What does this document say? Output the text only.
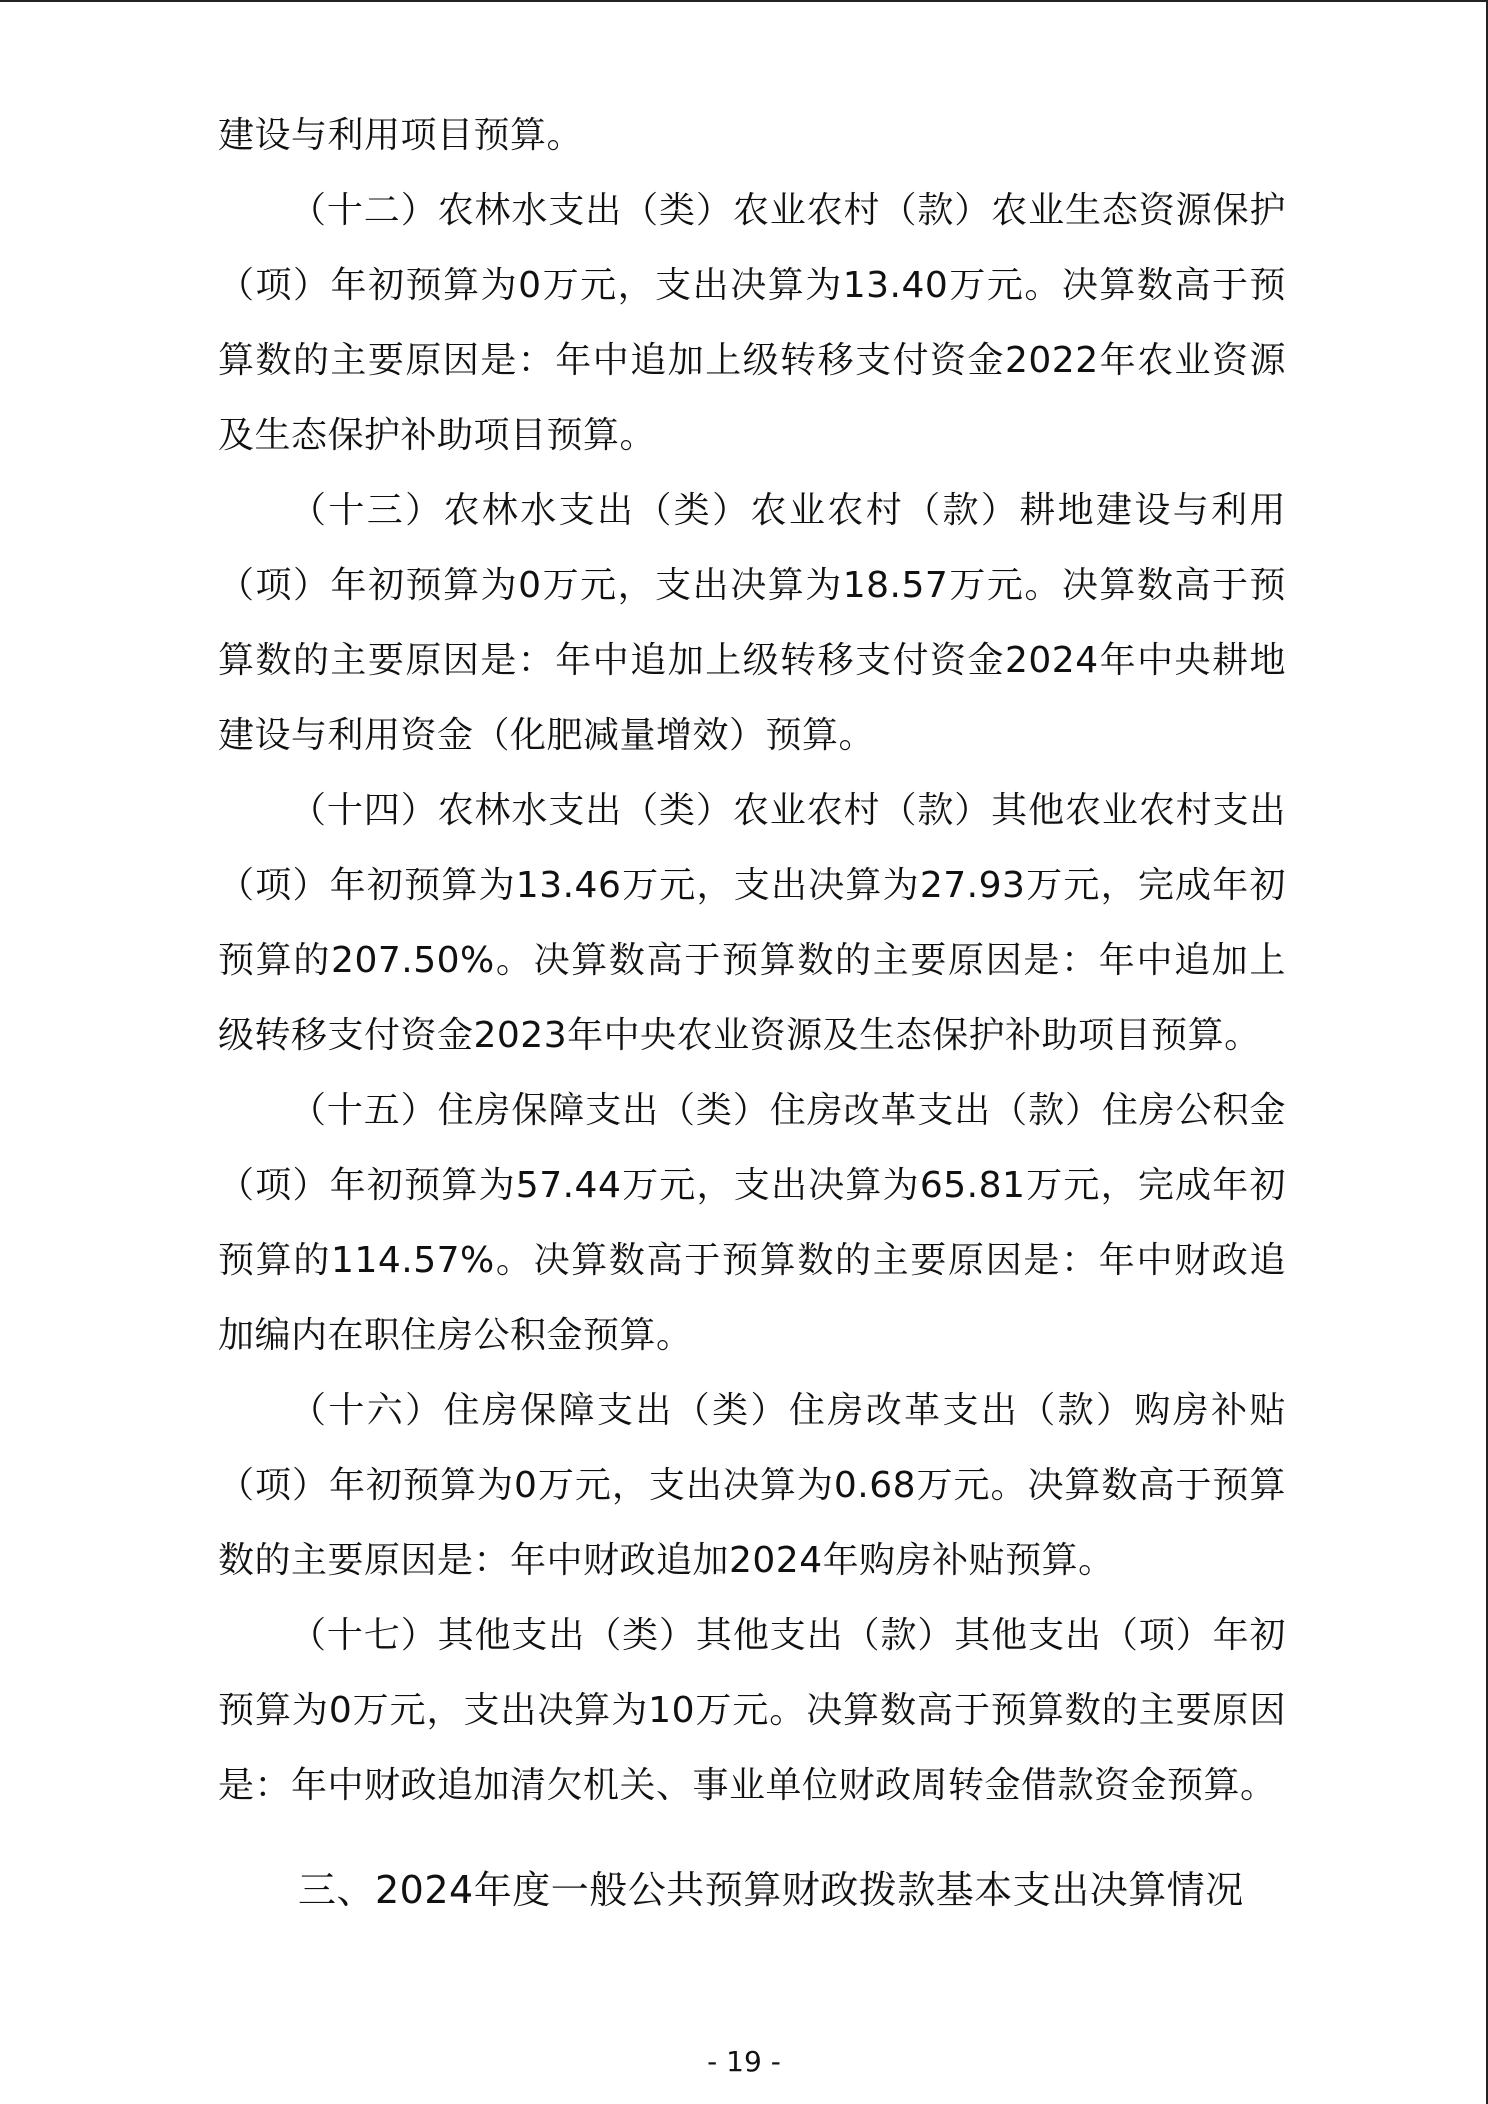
建设与利用项目预算。

（十二）农林水支出（类）农业农村（款）农业生态资源保护（项）年初预算为0万元，支出决算为13.40万元。决算数高于预算数的主要原因是：年中追加上级转移支付资金2022年农业资源及生态保护补助项目预算。

（十三）农林水支出（类）农业农村（款）耕地建设与利用（项）年初预算为0万元，支出决算为18.57万元。决算数高于预算数的主要原因是：年中追加上级转移支付资金2024年中央耕地建设与利用资金（化肥减量增效）预算。

（十四）农林水支出（类）农业农村（款）其他农业农村支出（项）年初预算为13.46万元，支出决算为27.93万元，完成年初预算的207.50%。决算数高于预算数的主要原因是：年中追加上级转移支付资金2023年中央农业资源及生态保护补助项目预算。

（十五）住房保障支出（类）住房改革支出（款）住房公积金（项）年初预算为57.44万元，支出决算为65.81万元，完成年初预算的114.57%。决算数高于预算数的主要原因是：年中财政追加编内在职住房公积金预算。

（十六）住房保障支出（类）住房改革支出（款）购房补贴（项）年初预算为0万元，支出决算为0.68万元。决算数高于预算数的主要原因是：年中财政追加2024年购房补贴预算。

（十七）其他支出（类）其他支出（款）其他支出（项）年初预算为0万元，支出决算为10万元。决算数高于预算数的主要原因是：年中财政追加清欠机关、事业单位财政周转金借款资金预算。

三、2024年度一般公共预算财政拨款基本支出决算情况
- 19 -
